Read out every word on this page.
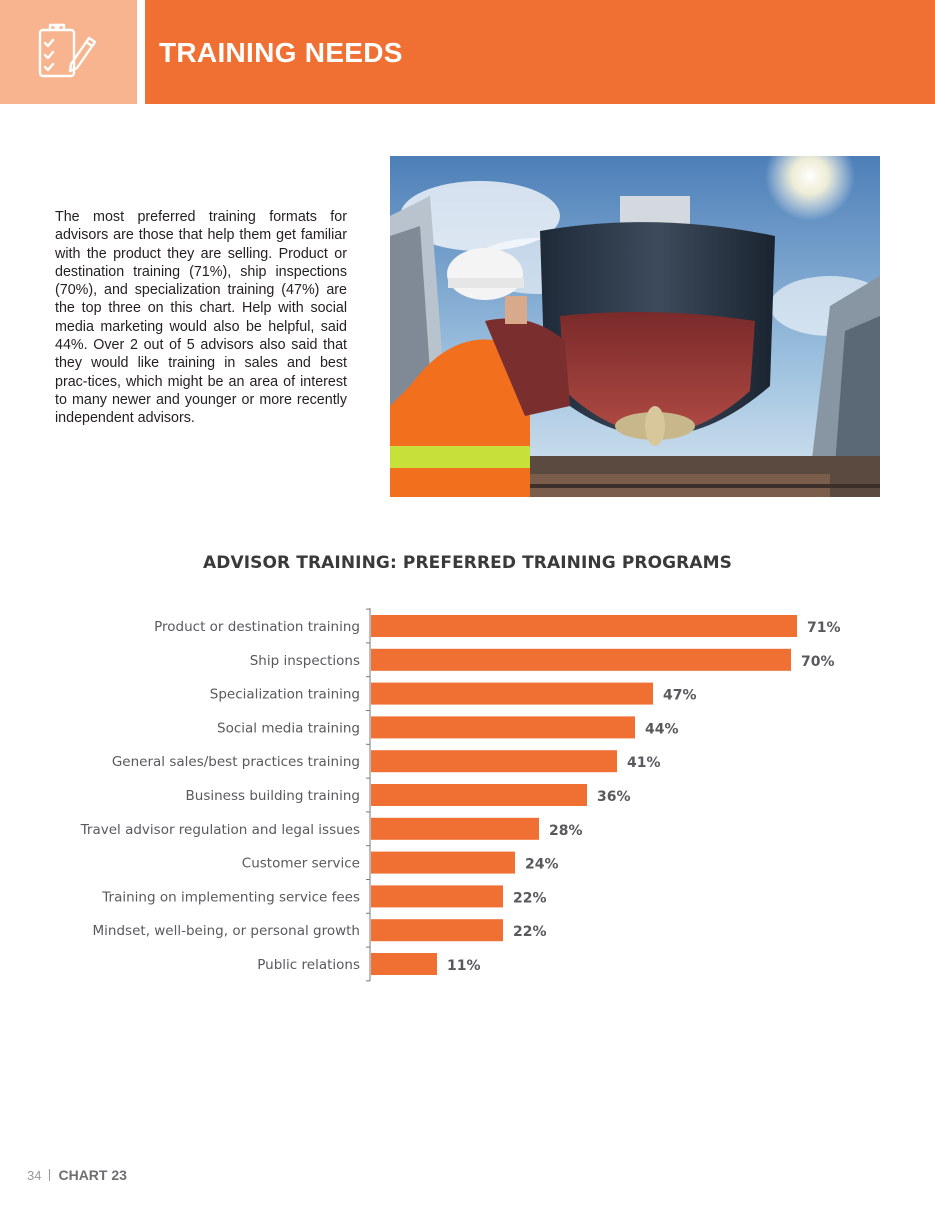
TRAINING NEEDS

The most preferred training formats for advisors are those that help them get familiar with the product they are selling. Product or destination training (71%), ship inspections (70%), and specialization training (47%) are the top three on this chart. Help with social media marketing would also be helpful, said 44%. Over 2 out of 5 advisors also said that they would like training in sales and best prac-tices, which might be an area of interest to many newer and younger or more recently independent advisors.

ADVISOR TRAINING: PREFERRED TRAINING PROGRAMS
Product or destination training	71%
Ship inspections	70%
Specialization training	47%
Social media training	44%
General sales/best practices training	41%
Business building training	36%
Travel advisor regulation and legal issues	28%
Customer service	24%
Training on implementing service fees	22%
Mindset, well-being, or personal growth	22%
Public relations	11%
34 CHART 23
